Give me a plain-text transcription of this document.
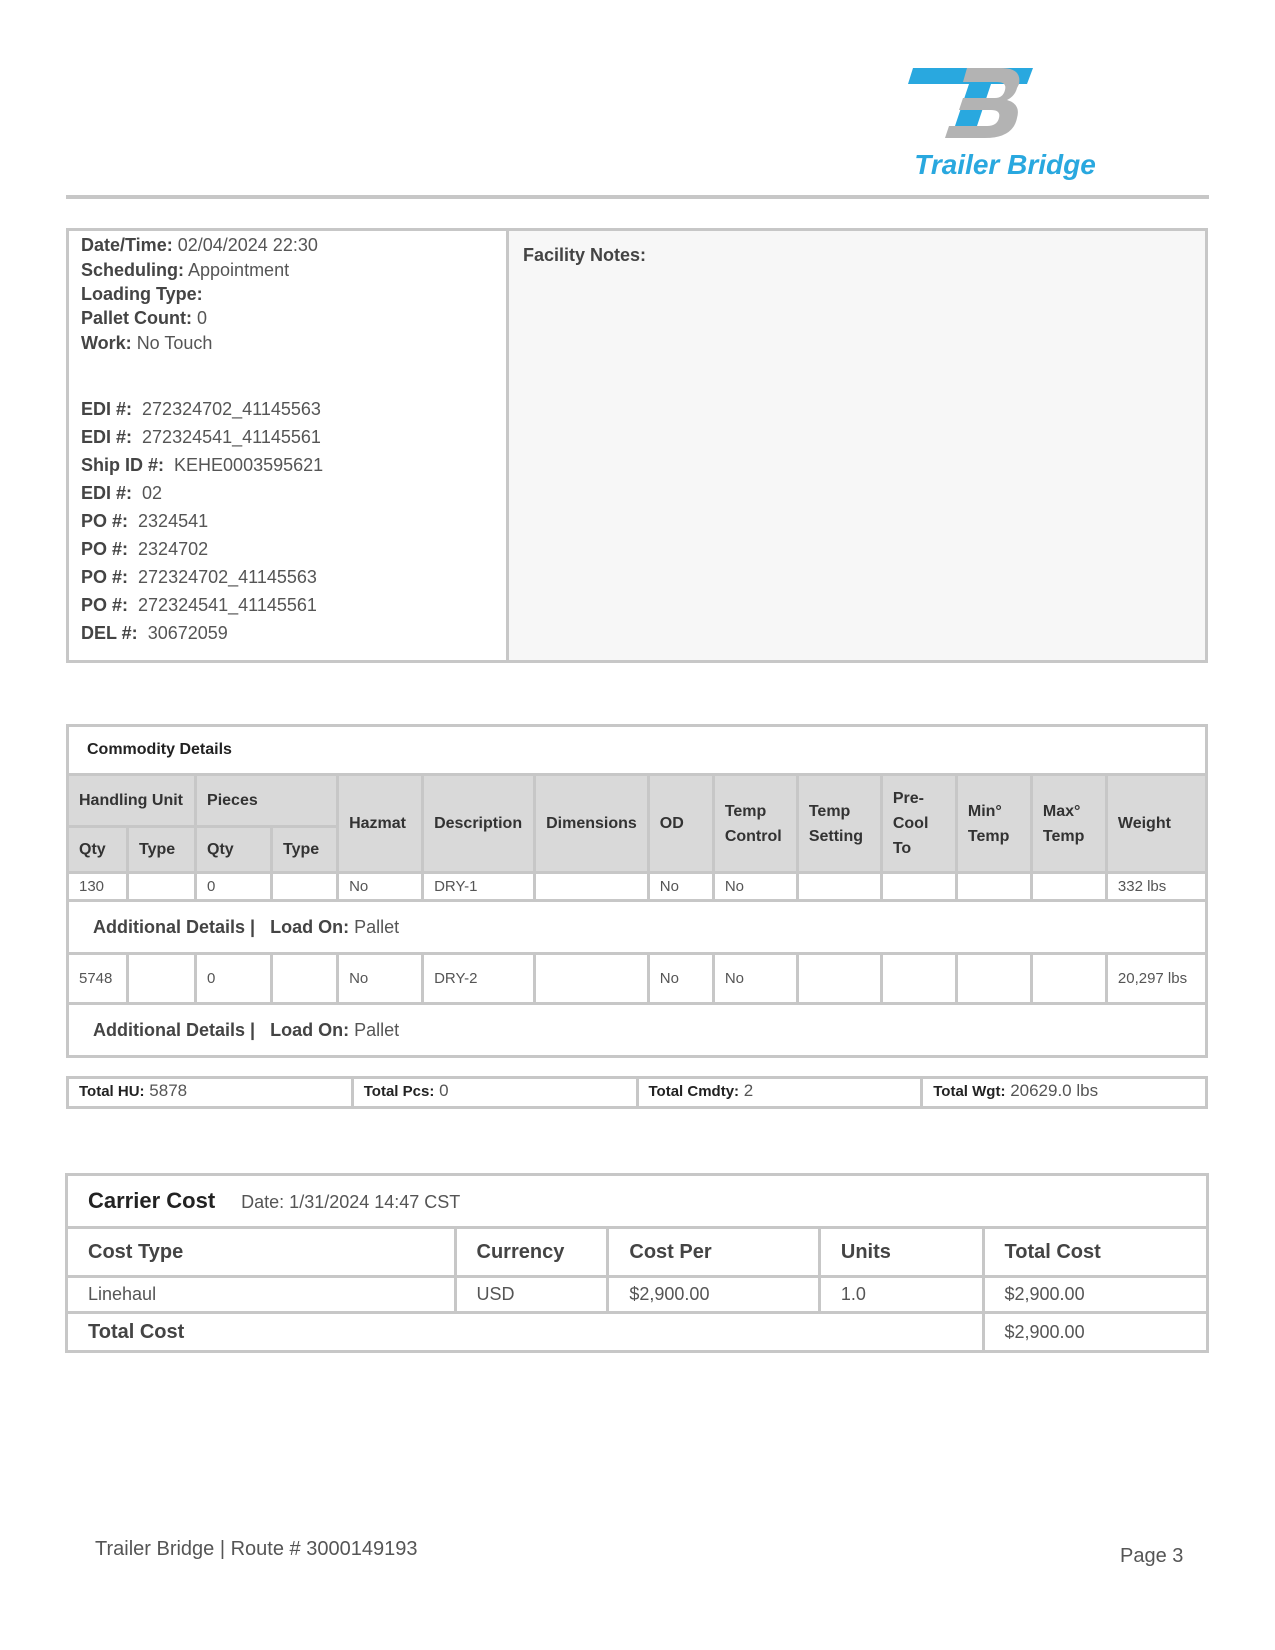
Trailer Bridge
Date/Time: 02/04/2024 22:30
Scheduling: Appointment
Loading Type:
Pallet Count: 0
Work: No Touch
EDI #: 272324702_41145563
EDI #: 272324541_41145561
Ship ID #: KEHE0003595621
EDI #: 02
PO #: 2324541
PO #: 2324702
PO #: 272324702_41145563
PO #: 272324541_41145561
DEL #: 30672059
Facility Notes:
Commodity Details													
Handling Unit		Pieces		Hazmat	Description	Dimensions	OD	Temp Control	Temp Setting	Pre-Cool To	Min° Temp	Max° Temp	Weight
Qty	Type	Qty	Type										
130		0		No	DRY-1		No	No					332 lbs
Additional Details | Load On: Pallet													
5748		0		No	DRY-2		No	No					20,297 lbs
Additional Details | Load On: Pallet													
Total HU: 5878	Total Pcs: 0	Total Cmdty: 2	Total Wgt: 20629.0 lbs
Carrier Cost Date: 1/31/2024 14:47 CST				
Cost Type	Currency	Cost Per	Units	Total Cost
Linehaul	USD	$2,900.00	1.0	$2,900.00
Total Cost				$2,900.00
Trailer Bridge | Route # 3000149193	Page 3
